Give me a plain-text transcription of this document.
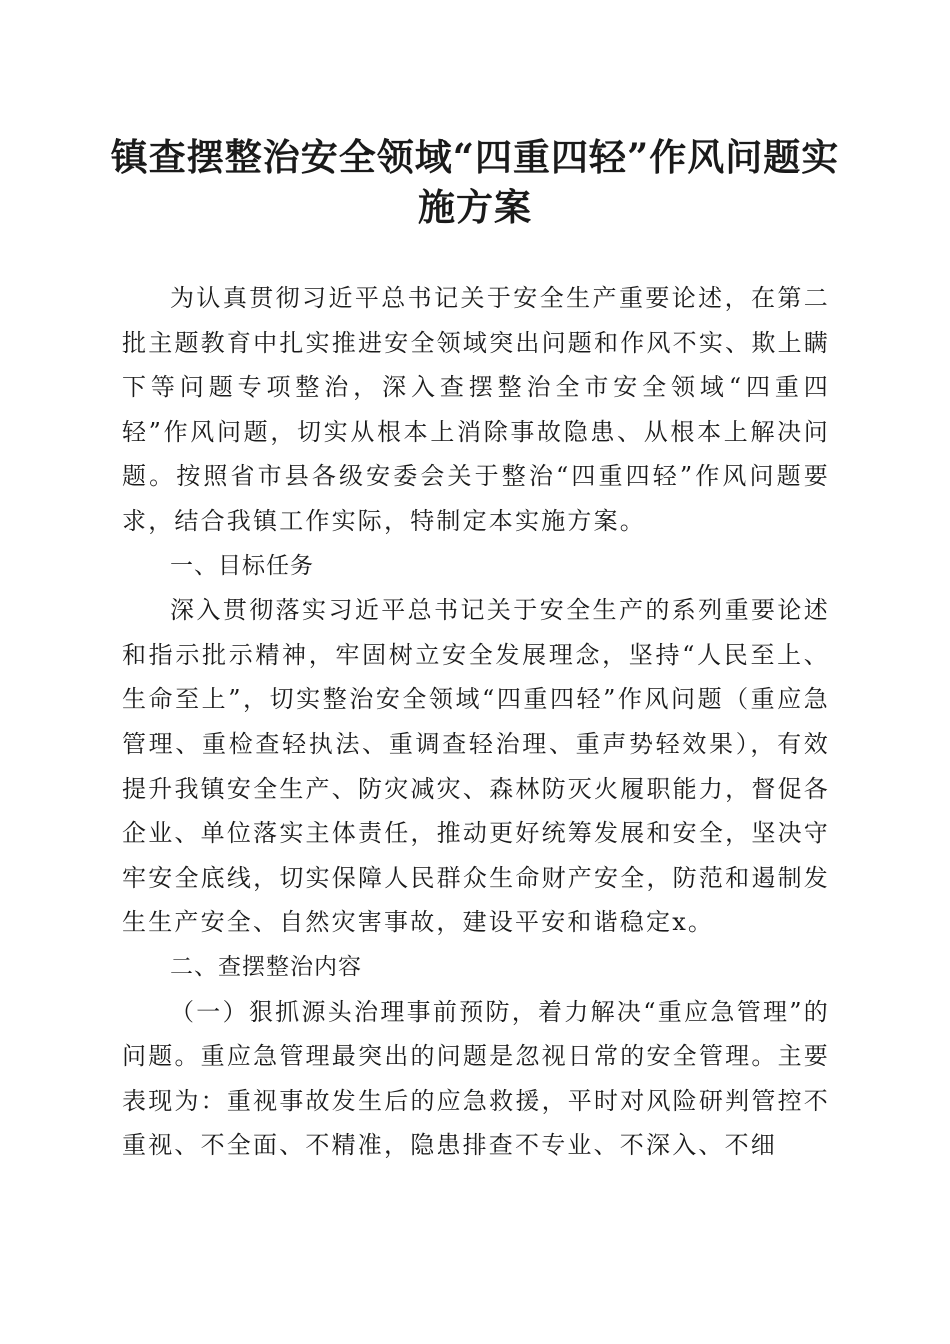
镇查摆整治安全领域“四重四轻”作风问题实施方案

为认真贯彻习近平总书记关于安全生产重要论述，在第二批主题教育中扎实推进安全领域突出问题和作风不实、欺上瞒下等问题专项整治，深入查摆整治全市安全领域“四重四轻”作风问题，切实从根本上消除事故隐患、从根本上解决问题。按照省市县各级安委会关于整治“四重四轻”作风问题要求，结合我镇工作实际，特制定本实施方案。

一、目标任务

深入贯彻落实习近平总书记关于安全生产的系列重要论述和指示批示精神，牢固树立安全发展理念，坚持“人民至上、生命至上”，切实整治安全领域“四重四轻”作风问题（重应急管理、重检查轻执法、重调查轻治理、重声势轻效果），有效提升我镇安全生产、防灾减灾、森林防灭火履职能力，督促各企业、单位落实主体责任，推动更好统筹发展和安全，坚决守牢安全底线，切实保障人民群众生命财产安全，防范和遏制发生生产安全、自然灾害事故，建设平安和谐稳定x。

二、查摆整治内容

（一）狠抓源头治理事前预防，着力解决“重应急管理”的问题。重应急管理最突出的问题是忽视日常的安全管理。主要表现为：重视事故发生后的应急救援，平时对风险研判管控不重视、不全面、不精准，隐患排查不专业、不深入、不细
